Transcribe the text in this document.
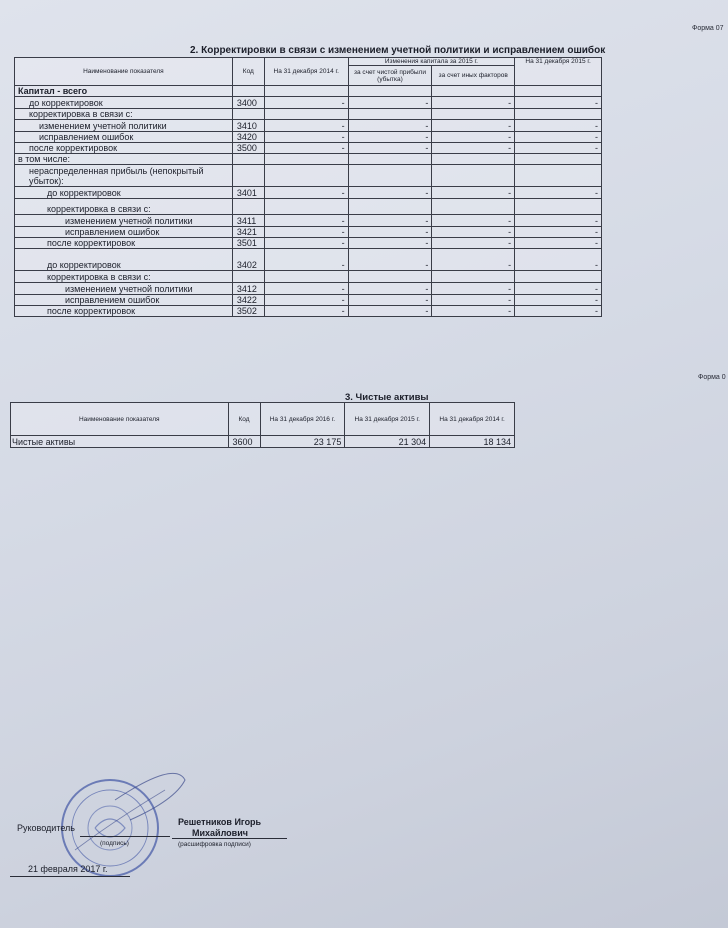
Форма 07
2. Корректировки в связи с изменением учетной политики и исправлением ошибок
Наименование показателя	Код	На 31 декабря 2014 г.	Изменения капитала за 2015 г.		На 31 декабря 2015 г.
			за счет чистой прибыли (убытка)	за счет иных факторов	
Капитал - всего					
до корректировок	3400	-	-	-	-
корректировка в связи с:					
изменением учетной политики	3410	-	-	-	-
исправлением ошибок	3420	-	-	-	-
после корректировок	3500	-	-	-	-
в том числе:					
нераспределенная прибыль (непокрытый убыток):					
до корректировок	3401	-	-	-	-
корректировка в связи с:					
изменением учетной политики	3411	-	-	-	-
исправлением ошибок	3421	-	-	-	-
после корректировок	3501	-	-	-	-
до корректировок	3402	-	-	-	-
корректировка в связи с:					
изменением учетной политики	3412	-	-	-	-
исправлением ошибок	3422	-	-	-	-
после корректировок	3502	-	-	-	-
Форма 0
3. Чистые активы
Наименование показателя	Код	На 31 декабря 2016 г.	На 31 декабря 2015 г.	На 31 декабря 2014 г.
Чистые активы	3600	23 175	21 304	18 134
Руководитель
(подпись)
Решетников Игорь
Михайлович
(расшифровка подписи)
21 февраля 2017 г.
